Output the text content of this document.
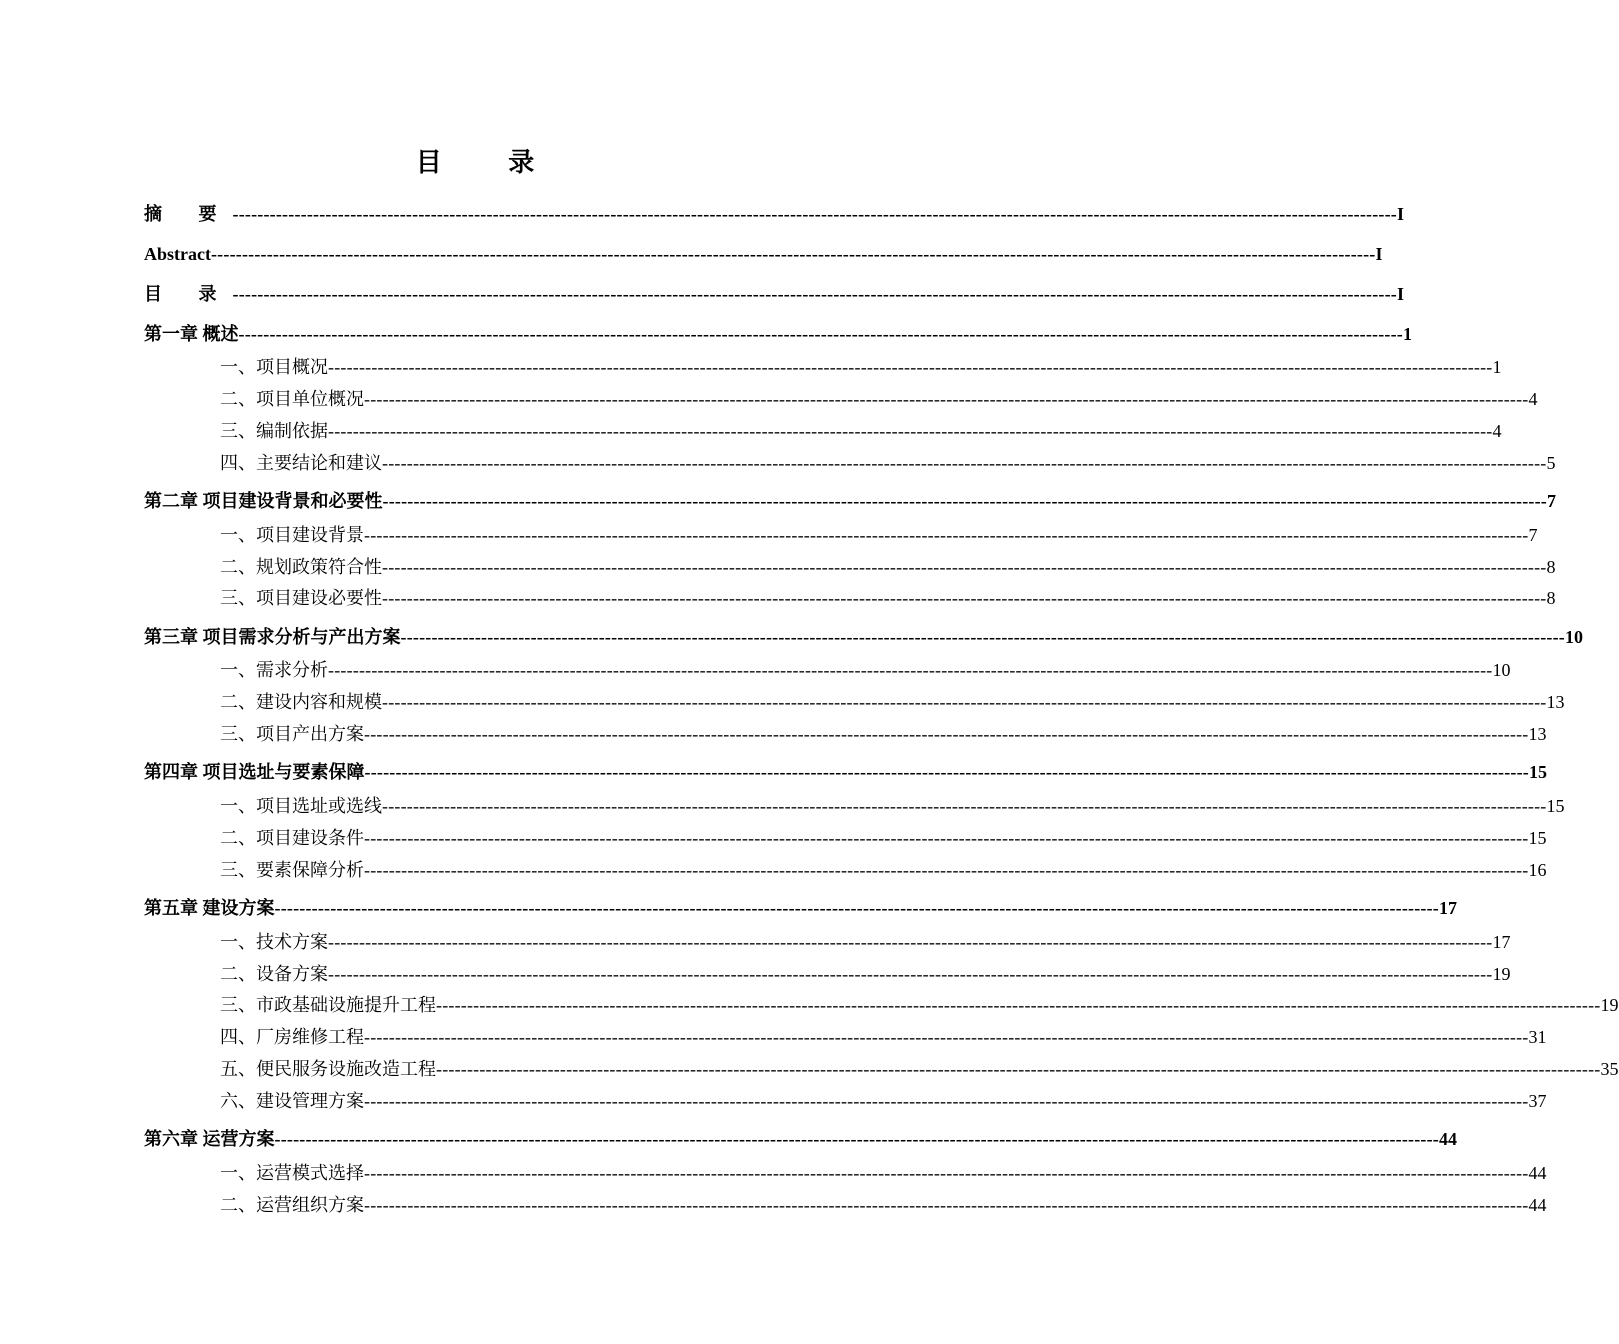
目 录
摘 要 -------------------------------------------------------------------------------------------------------------------------------------------------------------------------------------------- I
Abstract -------------------------------------------------------------------------------------------------------------------------------------------------------------------------------------------- I
目 录 -------------------------------------------------------------------------------------------------------------------------------------------------------------------------------------------- I
第一章 概述 -------------------------------------------------------------------------------------------------------------------------------------------------------------------------------------------- 1
一、项目概况 -------------------------------------------------------------------------------------------------------------------------------------------------------------------------------------------- 1
二、项目单位概况 -------------------------------------------------------------------------------------------------------------------------------------------------------------------------------------------- 4
三、编制依据 -------------------------------------------------------------------------------------------------------------------------------------------------------------------------------------------- 4
四、主要结论和建议 -------------------------------------------------------------------------------------------------------------------------------------------------------------------------------------------- 5
第二章 项目建设背景和必要性 -------------------------------------------------------------------------------------------------------------------------------------------------------------------------------------------- 7
一、项目建设背景 -------------------------------------------------------------------------------------------------------------------------------------------------------------------------------------------- 7
二、规划政策符合性 -------------------------------------------------------------------------------------------------------------------------------------------------------------------------------------------- 8
三、项目建设必要性 -------------------------------------------------------------------------------------------------------------------------------------------------------------------------------------------- 8
第三章 项目需求分析与产出方案 -------------------------------------------------------------------------------------------------------------------------------------------------------------------------------------------- 10
一、需求分析 -------------------------------------------------------------------------------------------------------------------------------------------------------------------------------------------- 10
二、建设内容和规模 -------------------------------------------------------------------------------------------------------------------------------------------------------------------------------------------- 13
三、项目产出方案 -------------------------------------------------------------------------------------------------------------------------------------------------------------------------------------------- 13
第四章 项目选址与要素保障 -------------------------------------------------------------------------------------------------------------------------------------------------------------------------------------------- 15
一、项目选址或选线 -------------------------------------------------------------------------------------------------------------------------------------------------------------------------------------------- 15
二、项目建设条件 -------------------------------------------------------------------------------------------------------------------------------------------------------------------------------------------- 15
三、要素保障分析 -------------------------------------------------------------------------------------------------------------------------------------------------------------------------------------------- 16
第五章 建设方案 -------------------------------------------------------------------------------------------------------------------------------------------------------------------------------------------- 17
一、技术方案 -------------------------------------------------------------------------------------------------------------------------------------------------------------------------------------------- 17
二、设备方案 -------------------------------------------------------------------------------------------------------------------------------------------------------------------------------------------- 19
三、市政基础设施提升工程 -------------------------------------------------------------------------------------------------------------------------------------------------------------------------------------------- 19
四、厂房维修工程 -------------------------------------------------------------------------------------------------------------------------------------------------------------------------------------------- 31
五、便民服务设施改造工程 -------------------------------------------------------------------------------------------------------------------------------------------------------------------------------------------- 35
六、建设管理方案 -------------------------------------------------------------------------------------------------------------------------------------------------------------------------------------------- 37
第六章 运营方案 -------------------------------------------------------------------------------------------------------------------------------------------------------------------------------------------- 44
一、运营模式选择 -------------------------------------------------------------------------------------------------------------------------------------------------------------------------------------------- 44
二、运营组织方案 -------------------------------------------------------------------------------------------------------------------------------------------------------------------------------------------- 44
